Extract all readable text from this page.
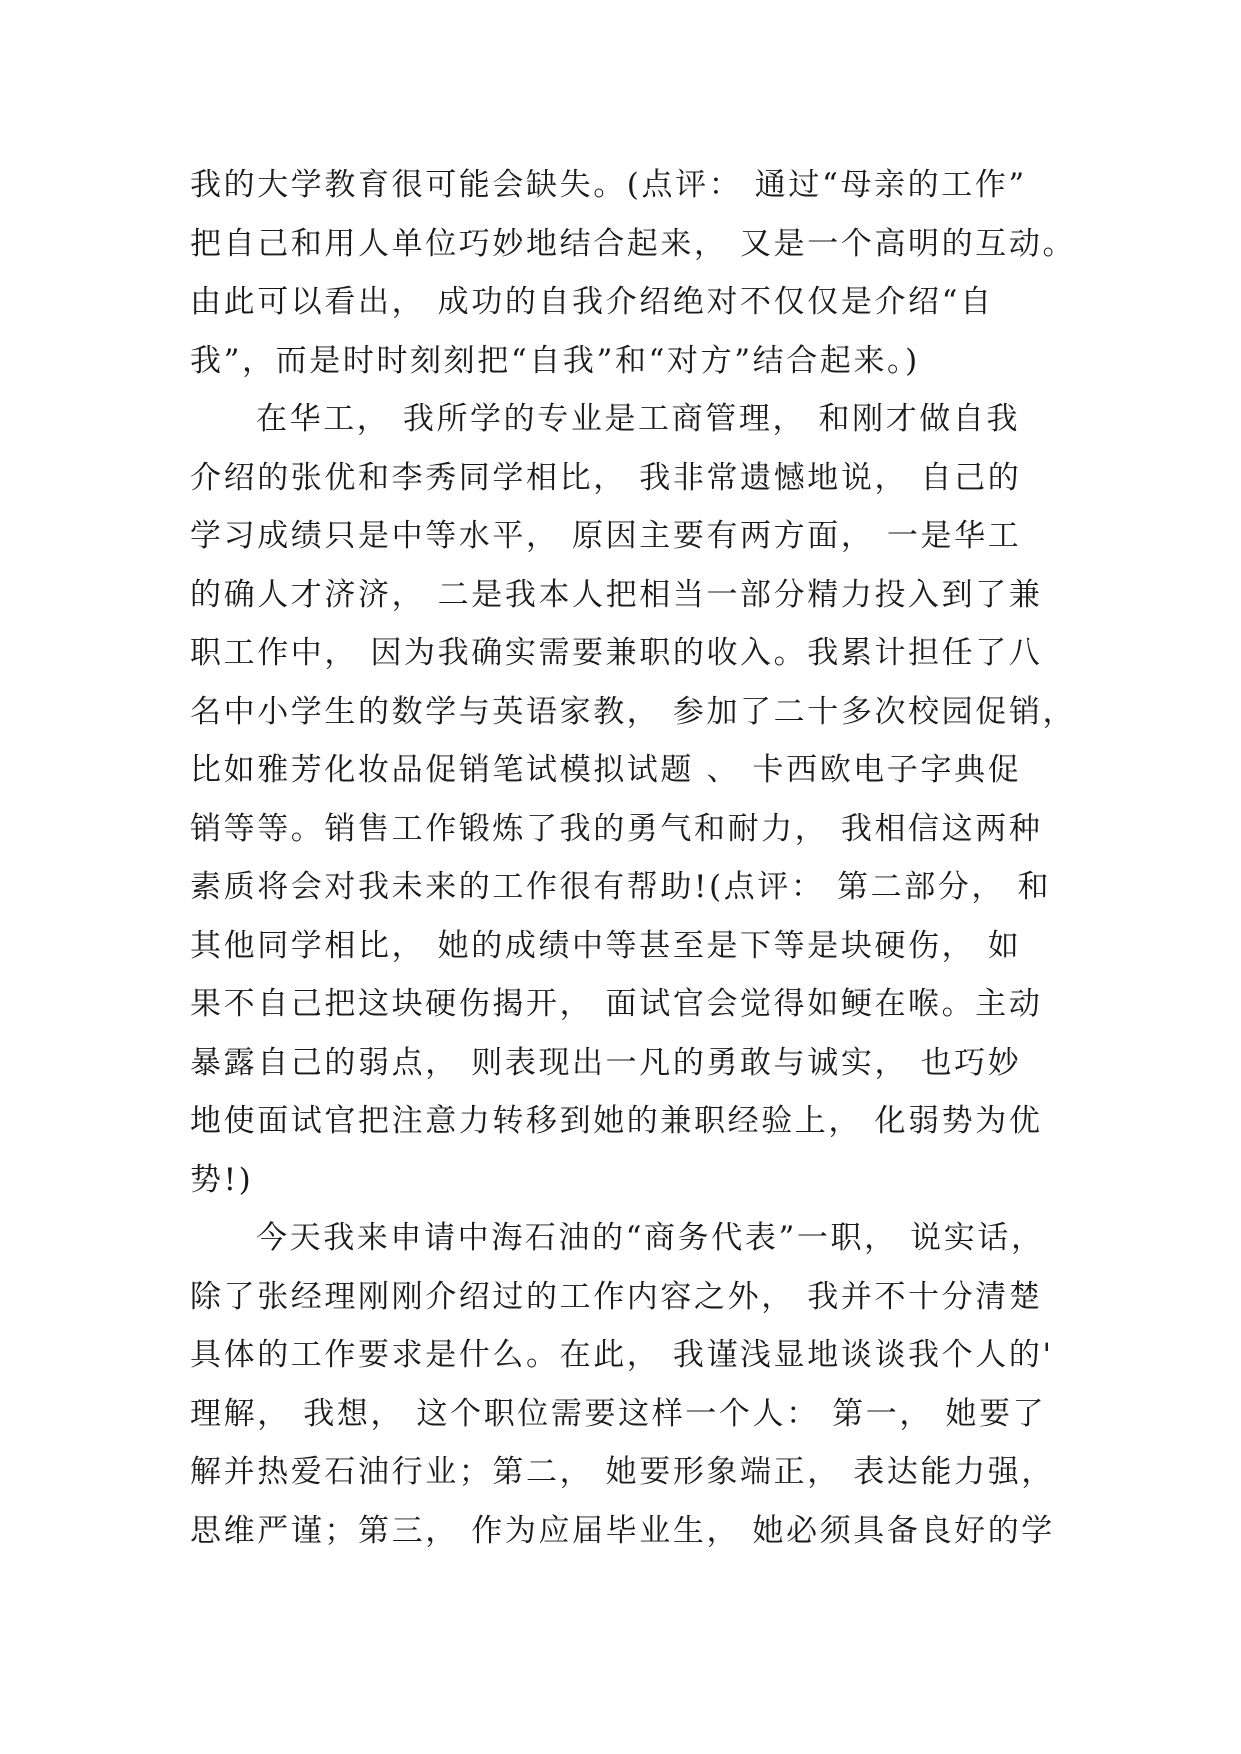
我的大学教育很可能会缺失。(点评： 通过“母亲的工作”
把自己和用人单位巧妙地结合起来， 又是一个高明的互动。
由此可以看出， 成功的自我介绍绝对不仅仅是介绍“自
我”，而是时时刻刻把“自我”和“对方”结合起来。)
在华工， 我所学的专业是工商管理， 和刚才做自我
介绍的张优和李秀同学相比， 我非常遗憾地说， 自己的
学习成绩只是中等水平， 原因主要有两方面， 一是华工
的确人才济济， 二是我本人把相当一部分精力投入到了兼
职工作中， 因为我确实需要兼职的收入。我累计担任了八
名中小学生的数学与英语家教， 参加了二十多次校园促销，
比如雅芳化妆品促销笔试模拟试题 、 卡西欧电子字典促
销等等。销售工作锻炼了我的勇气和耐力， 我相信这两种
素质将会对我未来的工作很有帮助!(点评： 第二部分， 和
其他同学相比， 她的成绩中等甚至是下等是块硬伤， 如
果不自己把这块硬伤揭开， 面试官会觉得如鲠在喉。主动
暴露自己的弱点， 则表现出一凡的勇敢与诚实， 也巧妙
地使面试官把注意力转移到她的兼职经验上， 化弱势为优
势!)
今天我来申请中海石油的“商务代表”一职， 说实话，
除了张经理刚刚介绍过的工作内容之外， 我并不十分清楚
具体的工作要求是什么。在此， 我谨浅显地谈谈我个人的'
理解， 我想， 这个职位需要这样一个人： 第一， 她要了
解并热爱石油行业；第二， 她要形象端正， 表达能力强，
思维严谨；第三， 作为应届毕业生， 她必须具备良好的学
